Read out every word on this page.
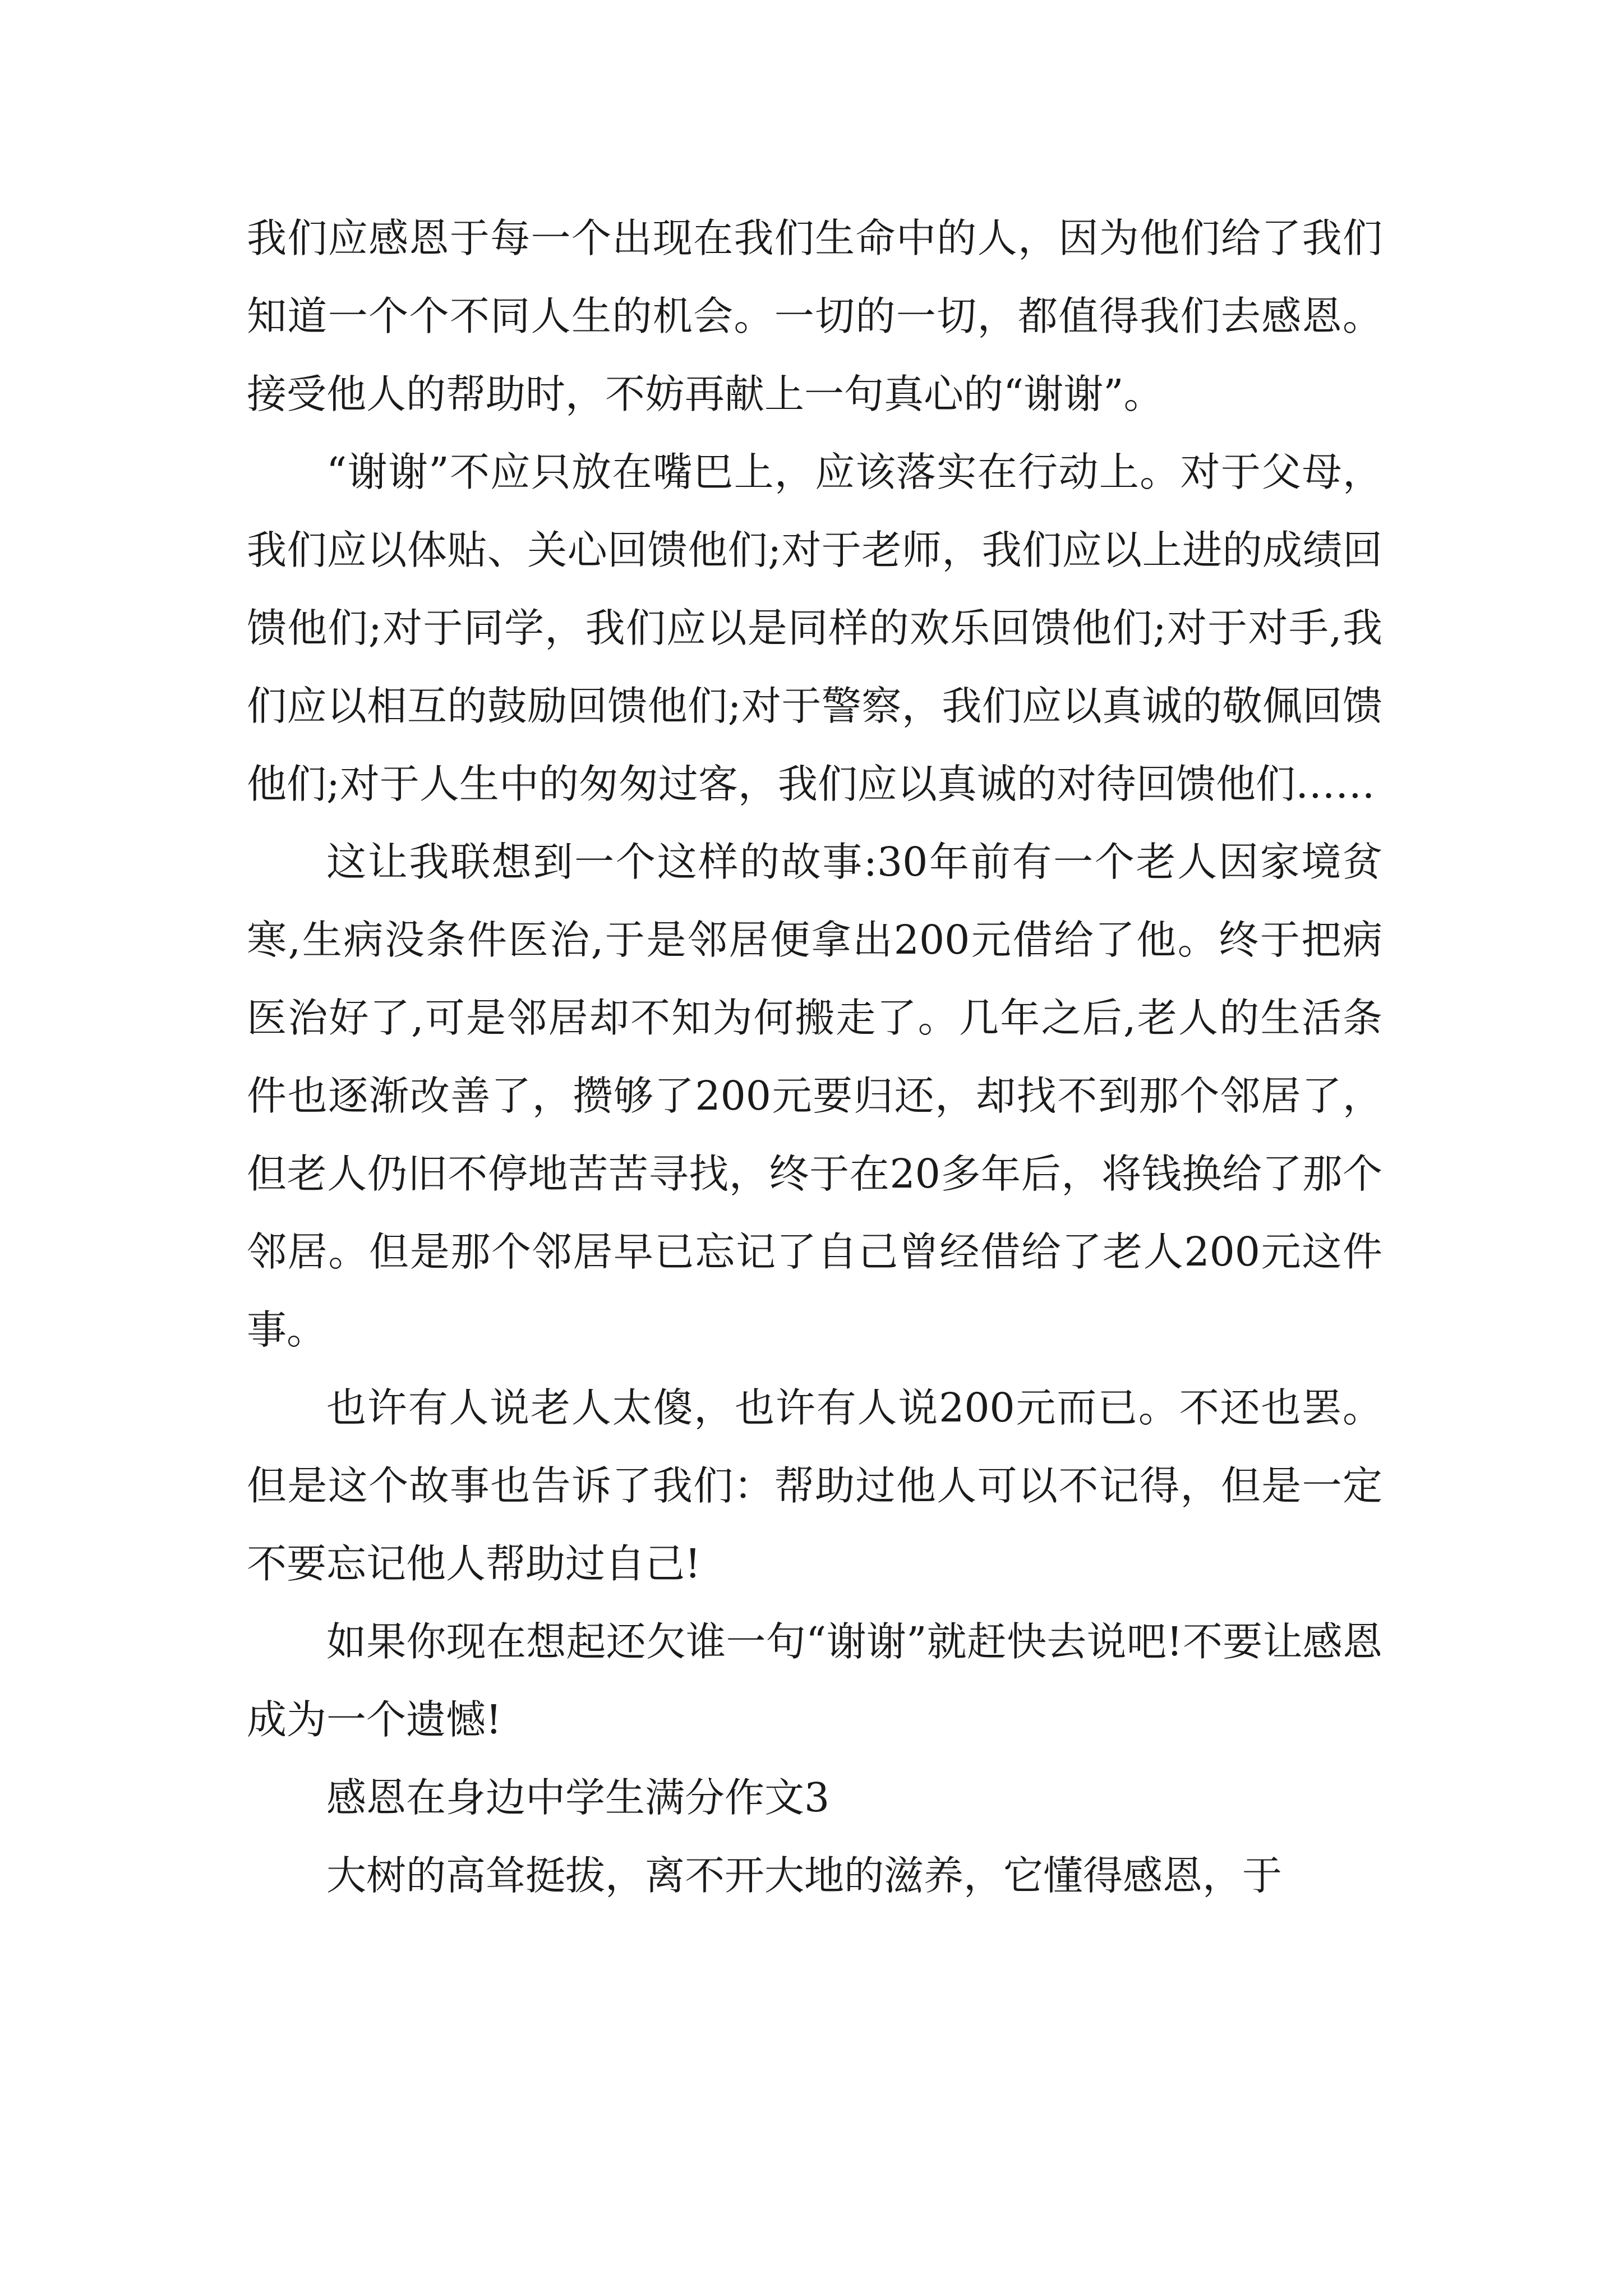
我们应感恩于每一个出现在我们生命中的人，因为他们给了我们知道一个个不同人生的机会。一切的一切，都值得我们去感恩。接受他人的帮助时，不妨再献上一句真心的“谢谢”。

“谢谢”不应只放在嘴巴上，应该落实在行动上。对于父母，我们应以体贴、关心回馈他们;对于老师，我们应以上进的成绩回馈他们;对于同学，我们应以是同样的欢乐回馈他们;对于对手,我们应以相互的鼓励回馈他们;对于警察，我们应以真诚的敬佩回馈他们;对于人生中的匆匆过客，我们应以真诚的对待回馈他们……

这让我联想到一个这样的故事:30年前有一个老人因家境贫寒,生病没条件医治,于是邻居便拿出200元借给了他。终于把病医治好了,可是邻居却不知为何搬走了。几年之后,老人的生活条件也逐渐改善了，攒够了200元要归还，却找不到那个邻居了，但老人仍旧不停地苦苦寻找，终于在20多年后，将钱换给了那个邻居。但是那个邻居早已忘记了自己曾经借给了老人200元这件事。

也许有人说老人太傻，也许有人说200元而已。不还也罢。但是这个故事也告诉了我们：帮助过他人可以不记得，但是一定不要忘记他人帮助过自己!

如果你现在想起还欠谁一句“谢谢”就赶快去说吧!不要让感恩成为一个遗憾!

感恩在身边中学生满分作文3

大树的高耸挺拔，离不开大地的滋养，它懂得感恩，于
